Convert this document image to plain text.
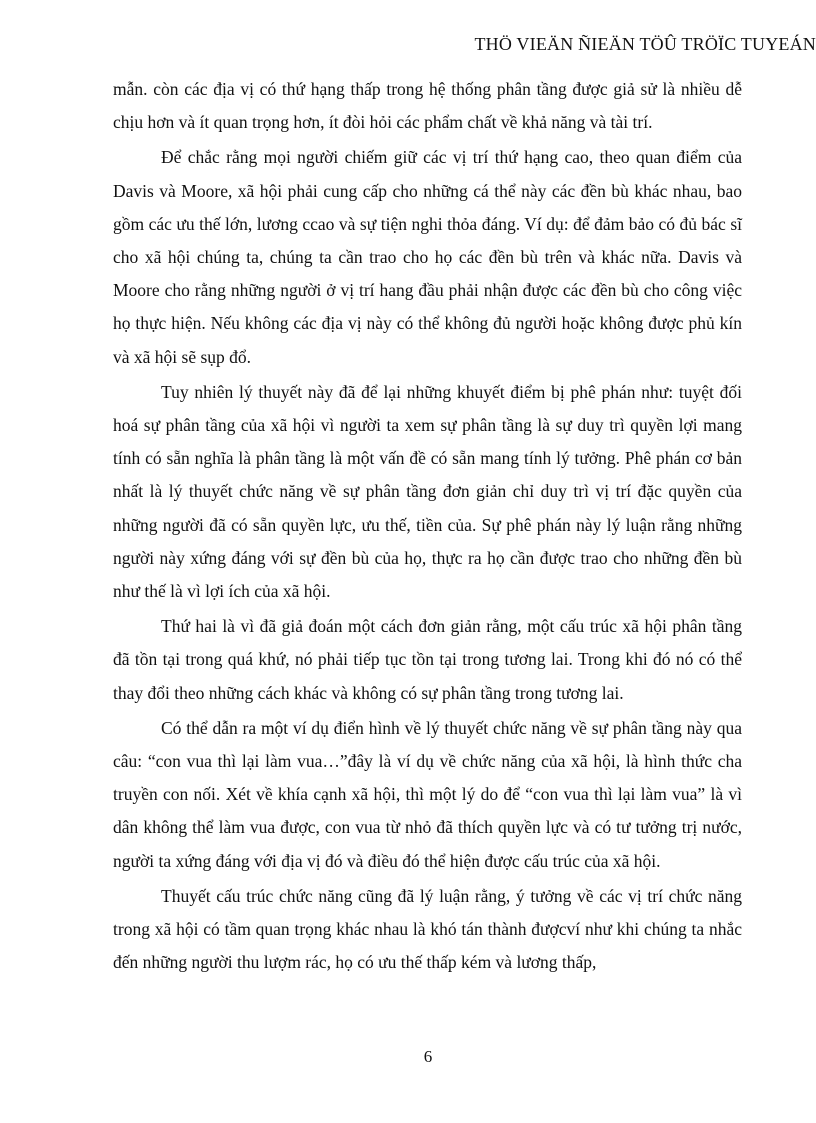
THÖ VIEÄN ÑIEÄN TÖÛ TRÖÏC TUYEÁN

mẫn. còn các địa vị có thứ hạng thấp trong hệ thống phân tầng được giả sử là nhiều dễ chịu hơn và ít quan trọng hơn, ít đòi hỏi các phẩm chất về khả năng và tài trí.

Để chắc rằng mọi người chiếm giữ các vị trí thứ hạng cao, theo quan điểm của Davis và Moore, xã hội phải cung cấp cho những cá thể này các đền bù khác nhau, bao gồm các ưu thế lớn, lương ccao và sự tiện nghi thỏa đáng. Ví dụ: để đảm bảo có đủ bác sĩ cho xã hội chúng ta, chúng ta cần trao cho họ các đền bù trên và khác nữa. Davis và Moore cho rằng những người ở vị trí hang đầu phải nhận được các đền bù cho công việc họ thực hiện. Nếu không các địa vị này có thể không đủ người hoặc không được phủ kín và xã hội sẽ sụp đổ.

Tuy nhiên lý thuyết này đã để lại những khuyết điểm bị phê phán như: tuyệt đối hoá sự phân tầng của xã hội vì người ta xem sự phân tầng là sự duy trì quyền lợi mang tính có sẵn nghĩa là phân tầng là một vấn đề có sẵn mang tính lý tưởng. Phê phán cơ bản nhất là lý thuyết chức năng về sự phân tầng đơn giản chỉ duy trì vị trí đặc quyền của những người đã có sẵn quyền lực, ưu thế, tiền của. Sự phê phán này lý luận rằng những người này xứng đáng với sự đền bù của họ, thực ra họ cần được trao cho những đền bù như thế là vì lợi ích của xã hội.

Thứ hai là vì đã giả đoán một cách đơn giản rằng, một cấu trúc xã hội phân tầng đã tồn tại trong quá khứ, nó phải tiếp tục tồn tại trong tương lai. Trong khi đó nó có thể thay đổi theo những cách khác và không có sự phân tầng trong tương lai.

Có thể dẫn ra một ví dụ điển hình về lý thuyết chức năng về sự phân tầng này qua câu: “con vua thì lại làm vua…”đây là ví dụ về chức năng của xã hội, là hình thức cha truyền con nối. Xét về khía cạnh xã hội, thì một lý do để “con vua thì lại làm vua” là vì dân không thể làm vua được, con vua từ nhỏ đã thích quyền lực và có tư tưởng trị nước, người ta xứng đáng với địa vị đó và điều đó thể hiện được cấu trúc của xã hội.

Thuyết cấu trúc chức năng cũng đã lý luận rằng, ý tưởng về các vị trí chức năng trong xã hội có tầm quan trọng khác nhau là khó tán thành đượcví như khi chúng ta nhắc đến những người thu lượm rác, họ có ưu thế thấp kém và lương thấp,

6
